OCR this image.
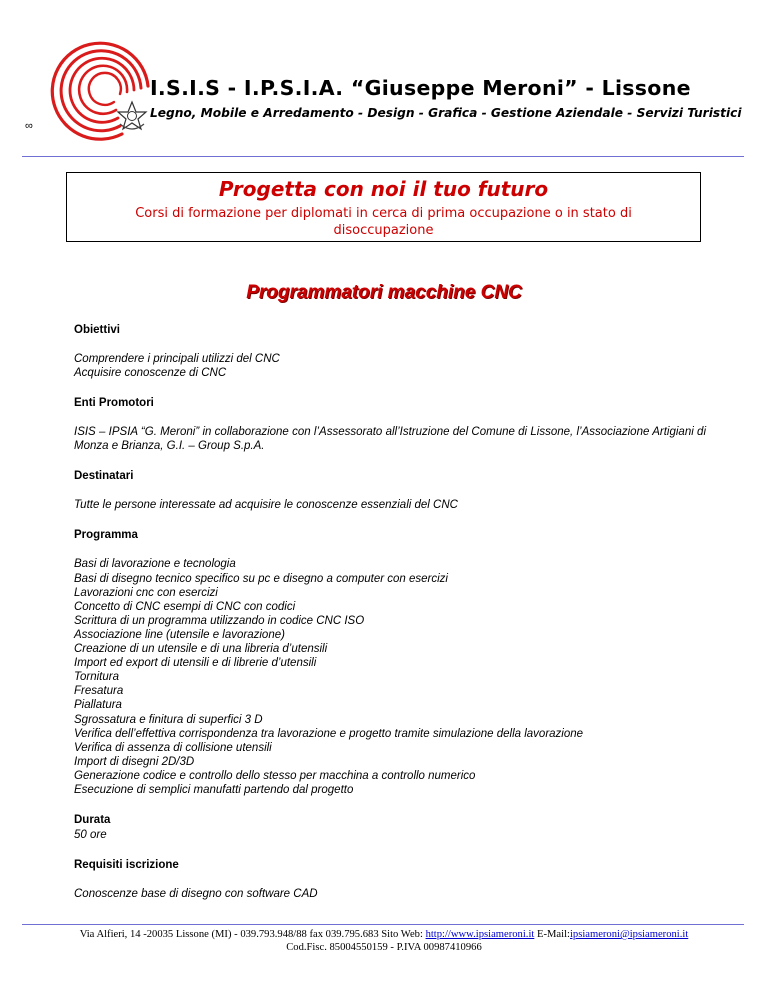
I.S.I.S - I.P.S.I.A. “Giuseppe Meroni” - Lissone
Legno, Mobile e Arredamento - Design - Grafica - Gestione Aziendale - Servizi Turistici
∞
Progetta con noi il tuo futuro
Corsi di formazione per diplomati in cerca di prima occupazione o in stato di disoccupazione
Programmatori macchine CNC

Obiettivi

Comprendere i principali utilizzi del CNC

Acquisire conoscenze di CNC

Enti Promotori

ISIS – IPSIA “G. Meroni” in collaborazione con l’Assessorato all’Istruzione del Comune di Lissone, l’Associazione Artigiani di Monza e Brianza, G.I. – Group S.p.A.

Destinatari

Tutte le persone interessate ad acquisire le conoscenze essenziali del CNC

Programma

Basi di lavorazione e tecnologia

Basi di disegno tecnico specifico su pc e disegno a computer con esercizi

Lavorazioni cnc con esercizi

Concetto di CNC esempi di CNC con codici

Scrittura di un programma utilizzando in codice CNC ISO

Associazione line (utensile e lavorazione)

Creazione di un utensile e di una libreria d’utensili

Import ed export di utensili e di librerie d’utensili

Tornitura

Fresatura

Piallatura

Sgrossatura e finitura di superfici 3 D

Verifica dell’effettiva corrispondenza tra lavorazione e progetto tramite simulazione della lavorazione

Verifica di assenza di collisione utensili

Import di disegni 2D/3D

Generazione codice e controllo dello stesso per macchina a controllo numerico

Esecuzione di semplici manufatti partendo dal progetto

Durata

50 ore

Requisiti iscrizione

Conoscenze base di disegno con software CAD

Via Alfieri, 14 -20035 Lissone (MI) - 039.793.948/88 fax 039.795.683 Sito Web: http://www.ipsiameroni.it E-Mail:ipsiameroni@ipsiameroni.it
Cod.Fisc. 85004550159 - P.IVA 00987410966
